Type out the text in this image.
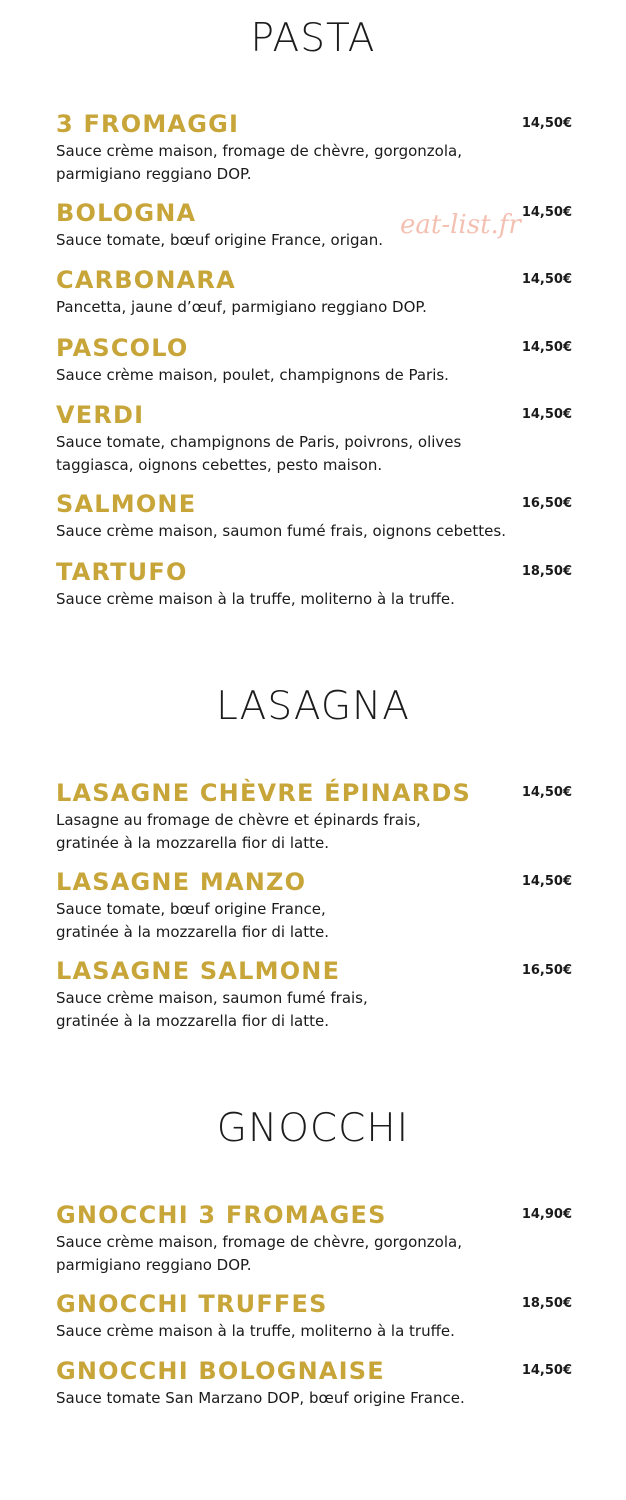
PASTA
3 FROMAGGI	14,50€
Sauce crème maison, fromage de chèvre, gorgonzola,
parmigiano reggiano DOP.
BOLOGNA	14,50€
Sauce tomate, bœuf origine France, origan.
CARBONARA	14,50€
Pancetta, jaune d’œuf, parmigiano reggiano DOP.
PASCOLO	14,50€
Sauce crème maison, poulet, champignons de Paris.
VERDI	14,50€
Sauce tomate, champignons de Paris, poivrons, olives
taggiasca, oignons cebettes, pesto maison.
SALMONE	16,50€
Sauce crème maison, saumon fumé frais, oignons cebettes.
TARTUFO	18,50€
Sauce crème maison à la truffe, moliterno à la truffe.
LASAGNA
LASAGNE CHÈVRE ÉPINARDS	14,50€
Lasagne au fromage de chèvre et épinards frais,
gratinée à la mozzarella fior di latte.
LASAGNE MANZO	14,50€
Sauce tomate, bœuf origine France,
gratinée à la mozzarella fior di latte.
LASAGNE SALMONE	16,50€
Sauce crème maison, saumon fumé frais,
gratinée à la mozzarella fior di latte.
GNOCCHI
GNOCCHI 3 FROMAGES	14,90€
Sauce crème maison, fromage de chèvre, gorgonzola,
parmigiano reggiano DOP.
GNOCCHI TRUFFES	18,50€
Sauce crème maison à la truffe, moliterno à la truffe.
GNOCCHI BOLOGNAISE	14,50€
Sauce tomate San Marzano DOP, bœuf origine France.
eat-list.fr
